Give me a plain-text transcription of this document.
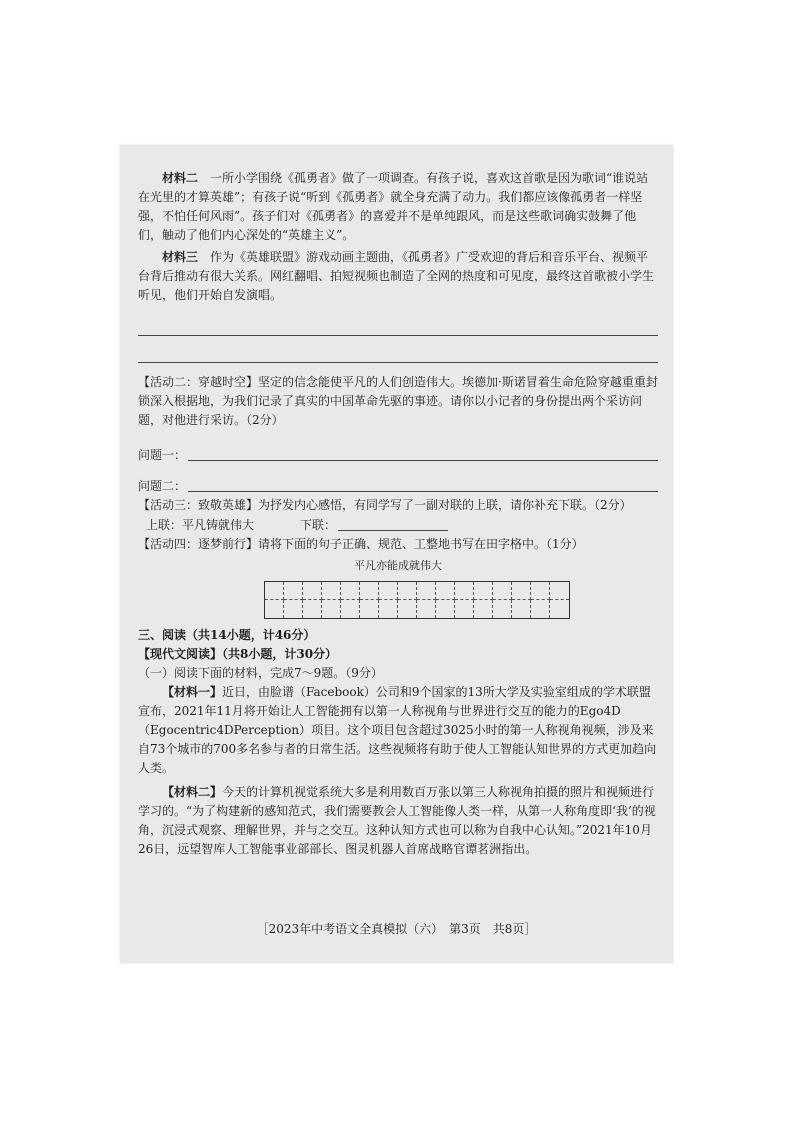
材料二　 一所小学围绕《孤勇者》做了一项调查。有孩子说，喜欢这首歌是因为歌词“谁说站在光里的才算英雄”；有孩子说“听到《孤勇者》就全身充满了动力。我们都应该像孤勇者一样坚强，不怕任何风雨”。孩子们对《孤勇者》的喜爱并不是单纯跟风，而是这些歌词确实鼓舞了他们，触动了他们内心深处的“英雄主义”。

材料三　 作为《英雄联盟》游戏动画主题曲，《孤勇者》广受欢迎的背后和音乐平台、视频平台背后推动有很大关系。网红翻唱、拍短视频也制造了全网的热度和可见度，最终这首歌被小学生听见，他们开始自发演唱。

【活动二：穿越时空】坚定的信念能使平凡的人们创造伟大。埃德加·斯诺冒着生命危险穿越重重封锁深入根据地，为我们记录了真实的中国革命先驱的事迹。请你以小记者的身份提出两个采访问题，对他进行采访。（2分）

问题一：
问题二：

【活动三：致敬英雄】为抒发内心感悟，有同学写了一副对联的上联，请你补充下联。（2分）

上联：平凡铸就伟大	下联：

【活动四：逐梦前行】请将下面的句子正确、规范、工整地书写在田字格中。（1分）

平凡亦能成就伟大

三、阅读（共14小题，计46分）

【现代文阅读】（共8小题，计30分）

（一）阅读下面的材料，完成7～9题。（9分）

【材料一】近日，由脸谱（Facebook）公司和9个国家的13所大学及实验室组成的学术联盟宣布，2021年11月将开始让人工智能拥有以第一人称视角与世界进行交互的能力的Ego4D（Egocentric4DPerception）项目。这个项目包含超过3025小时的第一人称视角视频，涉及来自73个城市的700多名参与者的日常生活。这些视频将有助于使人工智能认知世界的方式更加趋向人类。

【材料二】今天的计算机视觉系统大多是利用数百万张以第三人称视角拍摄的照片和视频进行学习的。“为了构建新的感知范式，我们需要教会人工智能像人类一样，从第一人称角度即‘我’的视角，沉浸式观察、理解世界，并与之交互。这种认知方式也可以称为自我中心认知。”2021年10月26日，远望智库人工智能事业部部长、图灵机器人首席战略官谭茗洲指出。

［2023年中考语文全真模拟（六）　第3页　共8页］
